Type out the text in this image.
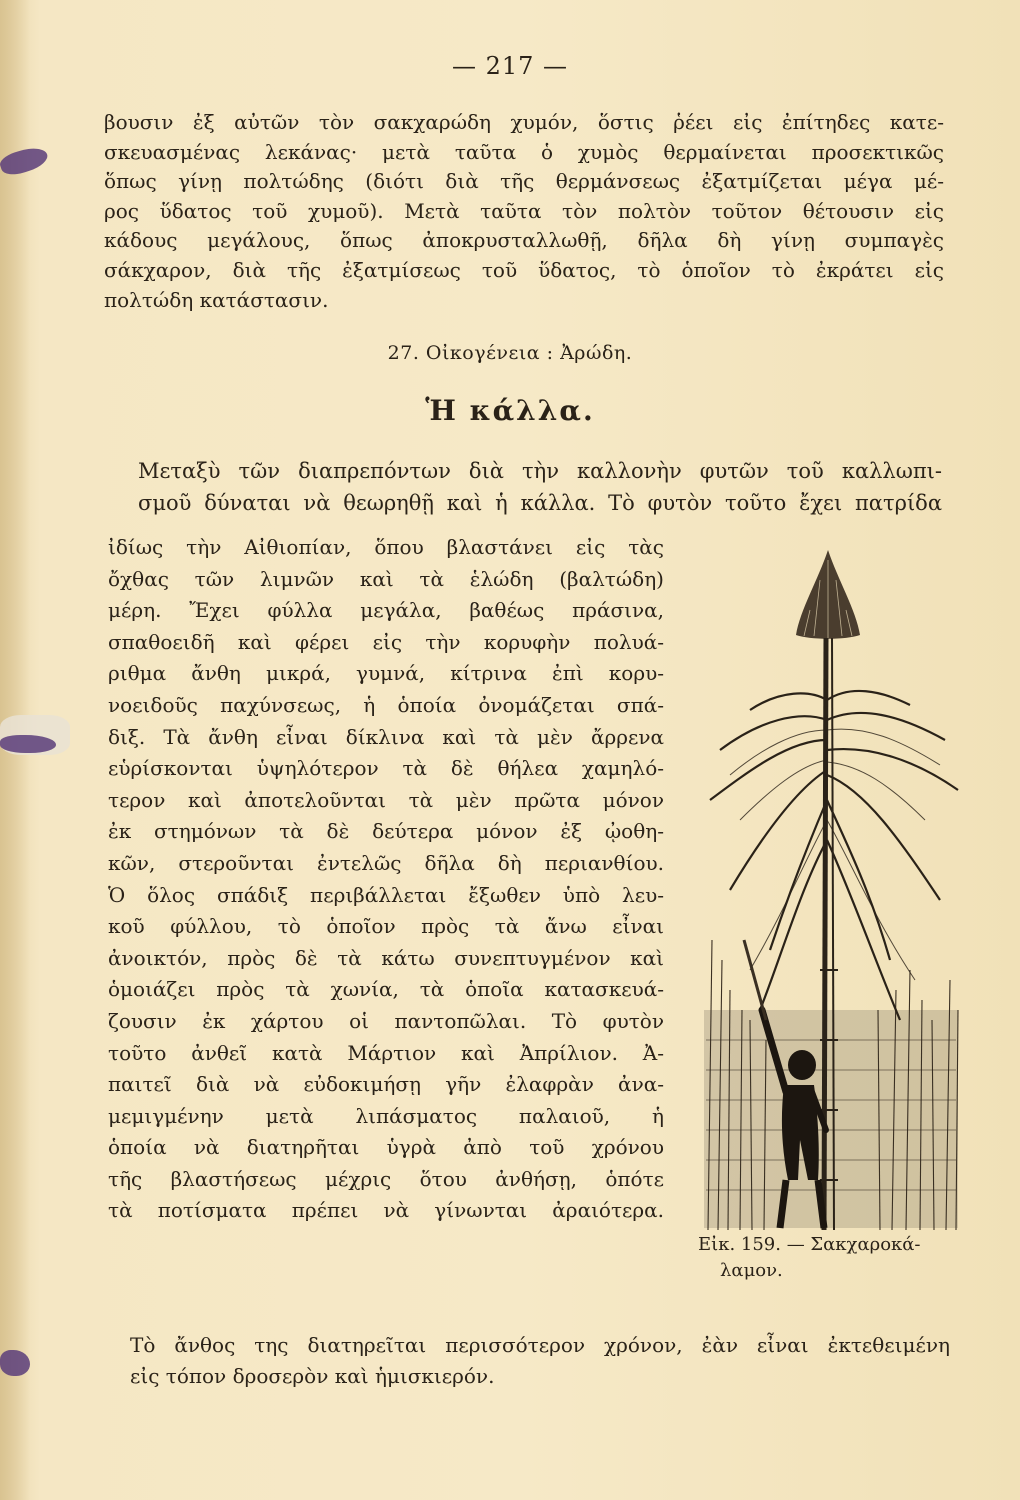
— 217 —
βουσιν ἐξ αὐτῶν τὸν σακχαρώδη χυμόν, ὅστις ῥέει εἰς ἐπίτηδες κατε-
σκευασμένας λεκάνας· μετὰ ταῦτα ὁ χυμὸς θερμαίνεται προσεκτικῶς
ὅπως γίνῃ πολτώδης (διότι διὰ τῆς θερμάνσεως ἐξατμίζεται μέγα μέ-
ρος ὕδατος τοῦ χυμοῦ). Μετὰ ταῦτα τὸν πολτὸν τοῦτον θέτουσιν εἰς
κάδους μεγάλους, ὅπως ἀποκρυσταλλωθῇ, δῆλα δὴ γίνῃ συμπαγὲς
σάκχαρον, διὰ τῆς ἐξατμίσεως τοῦ ὕδατος, τὸ ὁποῖον τὸ ἐκράτει εἰς
πολτώδη κατάστασιν.
27. Οἰκογένεια : Ἀρώδη.
Ἡ κάλλα.
Μεταξὺ τῶν διαπρεπόντων διὰ τὴν καλλονὴν φυτῶν τοῦ καλλωπι-
σμοῦ δύναται νὰ θεωρηθῇ καὶ ἡ κάλλα. Τὸ φυτὸν τοῦτο ἔχει πατρίδα
ἰδίως τὴν Αἰθιοπίαν, ὅπου βλαστάνει εἰς τὰς
ὄχθας τῶν λιμνῶν καὶ τὰ ἑλώδη (βαλτώδη)
μέρη. Ἔχει φύλλα μεγάλα, βαθέως πράσινα,
σπαθοειδῆ καὶ φέρει εἰς τὴν κορυφὴν πολυά-
ριθμα ἄνθη μικρά, γυμνά, κίτρινα ἐπὶ κορυ-
νοειδοῦς παχύνσεως, ἡ ὁποία ὀνομάζεται σπά-
διξ. Τὰ ἄνθη εἶναι δίκλινα καὶ τὰ μὲν ἄρρενα
εὑρίσκονται ὑψηλότερον τὰ δὲ θήλεα χαμηλό-
τερον καὶ ἀποτελοῦνται τὰ μὲν πρῶτα μόνον
ἐκ στημόνων τὰ δὲ δεύτερα μόνον ἐξ ᾠοθη-
κῶν, στεροῦνται ἐντελῶς δῆλα δὴ περιανθίου.
Ὁ ὅλος σπάδιξ περιβάλλεται ἔξωθεν ὑπὸ λευ-
κοῦ φύλλου, τὸ ὁποῖον πρὸς τὰ ἄνω εἶναι
ἀνοικτόν, πρὸς δὲ τὰ κάτω συνεπτυγμένον καὶ
ὁμοιάζει πρὸς τὰ χωνία, τὰ ὁποῖα κατασκευά-
ζουσιν ἐκ χάρτου οἱ παντοπῶλαι. Τὸ φυτὸν
τοῦτο ἀνθεῖ κατὰ Μάρτιον καὶ Ἀπρίλιον. Ἀ-
παιτεῖ διὰ νὰ εὐδοκιμήσῃ γῆν ἐλαφρὰν ἀνα-
μεμιγμένην μετὰ λιπάσματος παλαιοῦ, ἡ
ὁποία νὰ διατηρῆται ὑγρὰ ἀπὸ τοῦ χρόνου
τῆς βλαστήσεως μέχρις ὅτου ἀνθήσῃ, ὁπότε
τὰ ποτίσματα πρέπει νὰ γίνωνται ἀραιότερα.
Εἰκ. 159. — Σακχαροκά-
λαμον.
Τὸ ἄνθος της διατηρεῖται περισσότερον χρόνον, ἐὰν εἶναι ἐκτεθειμένη
εἰς τόπον δροσερὸν καὶ ἡμισκιερόν.
